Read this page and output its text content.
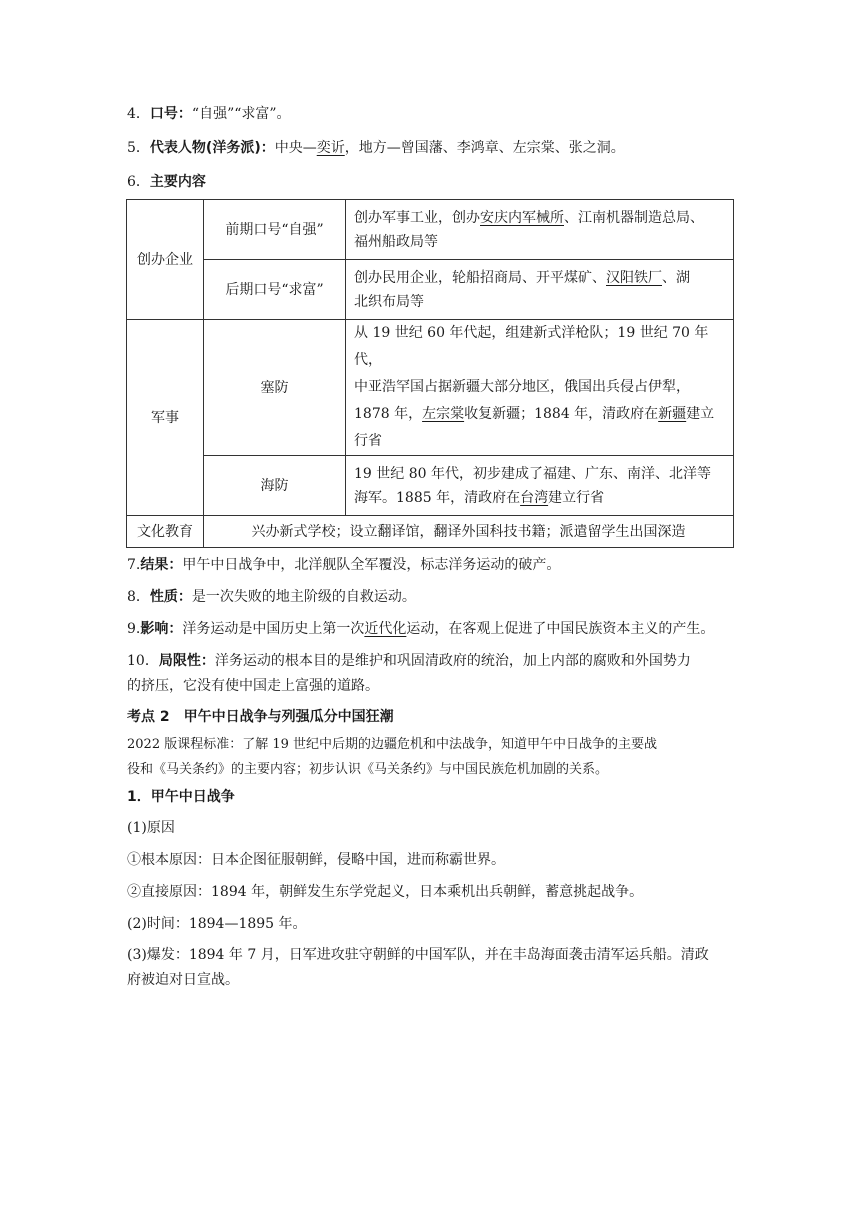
4．口号：“自强”“求富”。
5．代表人物(洋务派)：中央—奕䜣，地方—曾国藩、李鸿章、左宗棠、张之洞。
6．主要内容
创办企业	前期口号“自强”	创办军事工业，创办安庆内军械所、江南机器制造总局、
福州船政局等
	后期口号“求富”	创办民用企业，轮船招商局、开平煤矿、汉阳铁厂、湖
北织布局等
军事	塞防	从 19 世纪 60 年代起，组建新式洋枪队；19 世纪 70 年代，
中亚浩罕国占据新疆大部分地区，俄国出兵侵占伊犁，
1878 年，左宗棠收复新疆；1884 年，清政府在新疆建立
行省
	海防	19 世纪 80 年代，初步建成了福建、广东、南洋、北洋等
海军。1885 年，清政府在台湾建立行省
文化教育	兴办新式学校；设立翻译馆，翻译外国科技书籍；派遣留学生出国深造	
7.结果：甲午中日战争中，北洋舰队全军覆没，标志洋务运动的破产。
8．性质：是一次失败的地主阶级的自救运动。
9.影响：洋务运动是中国历史上第一次近代化运动，在客观上促进了中国民族资本主义的产生。
10．局限性：洋务运动的根本目的是维护和巩固清政府的统治，加上内部的腐败和外国势力
的挤压，它没有使中国走上富强的道路。
考点 2　甲午中日战争与列强瓜分中国狂潮
2022 版课程标准：了解 19 世纪中后期的边疆危机和中法战争，知道甲午中日战争的主要战
役和《马关条约》的主要内容；初步认识《马关条约》与中国民族危机加剧的关系。
1．甲午中日战争
(1)原因
①根本原因：日本企图征服朝鲜，侵略中国，进而称霸世界。
②直接原因：1894 年，朝鲜发生东学党起义，日本乘机出兵朝鲜，蓄意挑起战争。
(2)时间：1894—1895 年。
(3)爆发：1894 年 7 月，日军进攻驻守朝鲜的中国军队，并在丰岛海面袭击清军运兵船。清政
府被迫对日宣战。
